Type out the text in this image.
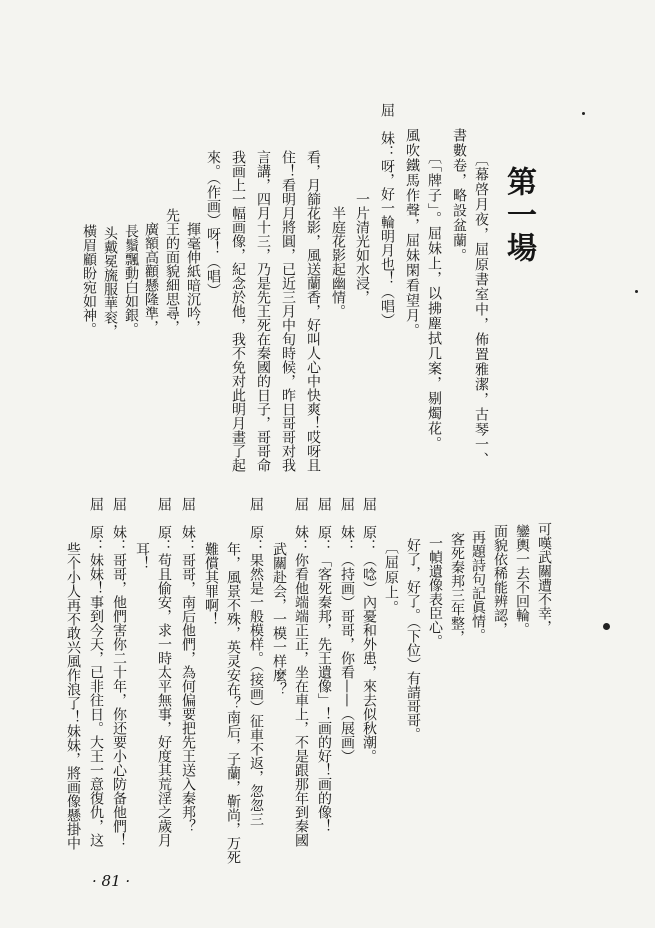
第一場
〔幕啓月夜，屈原書室中，佈置雅潔，古琴一、
書數卷，略設盆蘭。
〔「牌子」。屈妹上，以拂塵拭几案，剔燭花。
風吹鐵馬作聲，屈妹閑看望月。
屈　妹：呀，好一輪明月也！（唱）
一片清光如水浸，
半庭花影起幽情。
看，月篩花影，風送蘭香，好叫人心中快爽！哎呀且
住！看明月將圓，已近三月中旬時候，昨日哥哥对我
言講，四月十三，乃是先王死在秦國的日子，哥哥命
我画上一幅画像，紀念於他，我不免对此明月畫了起
來。（作画）呀！（唱）
揮毫伸紙暗沉吟，
先王的面貌細思尋，
廣額高顴懸隆準，
長鬚飄動白如銀。
头戴冕旒服華衮，
橫眉顧盼宛如神。
可嘆武關遭不幸，
鑾輿一去不回輪。
面貌依稀能辨認，
再題詩句記眞情。
客死秦邦三年整，
一幀遺像表臣心。
好了，好了。（下位）有請哥哥。
〔屈原上。
屈　原：（唸）內憂和外患，來去似秋潮。
屈　妹：（持画）哥哥，你看——（展画）
屈　原：「客死秦邦，先王遺像」！画的好！画的像！
屈　妹：你看他端端正正，坐在車上，不是跟那年到秦國
武關赴会，一模一样麼？
屈　原：果然是一般模样。（接画）征車不返，忽忽三
年，風景不殊，英灵安在？南后，子蘭，靳尚，万死
難償其罪啊！
屈　妹：哥哥，南后他們，為何偏要把先王送入秦邦？
屈　原：苟且偷安，求一時太平無事，好度其荒淫之歲月
耳！
屈　妹：哥哥，他們害你二十年，你还要小心防备他們！
屈　原：妹妹！事到今天，已非往日。大王一意復仇，这
些个小人再不敢兴風作浪了！妹妹，將画像懸掛中
· 81 ·
